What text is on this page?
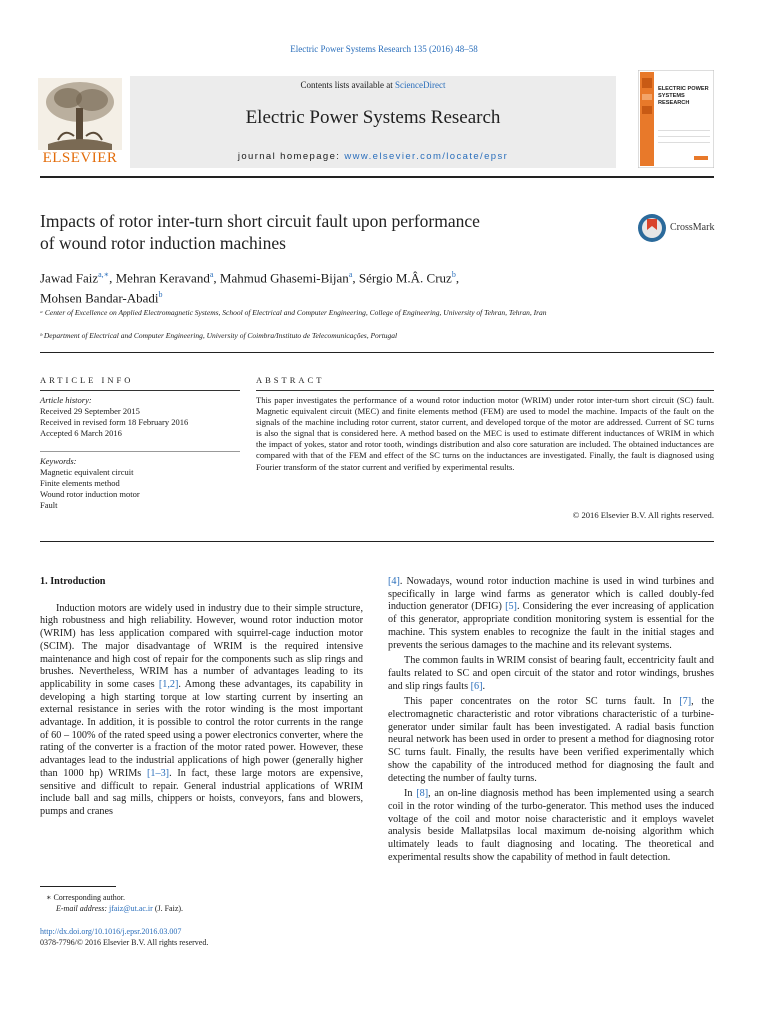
Electric Power Systems Research 135 (2016) 48–58
Contents lists available at ScienceDirect
Electric Power Systems Research
journal homepage: www.elsevier.com/locate/epsr
ELSEVIER
ELECTRIC POWER SYSTEMS RESEARCH
Impacts of rotor inter-turn short circuit fault upon performance
of wound rotor induction machines
CrossMark
Jawad Faiz$^{a,∗}$, Mehran Keravand$^a$, Mahmud Ghasemi-Bijan$^a$, Sérgio M.Â. Cruz$^b$,
Mohsen Bandar-Abadi$^b$
ᵃ Center of Excellence on Applied Electromagnetic Systems, School of Electrical and Computer Engineering, College of Engineering, University of Tehran, Tehran, Iran
ᵇ Department of Electrical and Computer Engineering, University of Coimbra/Instituto de Telecomunicações, Portugal
ARTICLE INFO	ABSTRACT
Article history:
Received 29 September 2015
Received in revised form 18 February 2016
Accepted 6 March 2016
Keywords:
Magnetic equivalent circuit
Finite elements method
Wound rotor induction motor
Fault
This paper investigates the performance of a wound rotor induction motor (WRIM) under rotor inter-turn short circuit (SC) fault. Magnetic equivalent circuit (MEC) and finite elements method (FEM) are used to model the machine. Impacts of the fault on the signals of the machine including rotor current, stator current, and developed torque of the motor are addressed. Current of SC turns is also the signal that is considered here. A method based on the MEC is used to estimate different inductances of WRIM in which the impact of yokes, stator and rotor tooth, windings distribution and also core saturation are included. The obtained inductances are compared with that of the FEM and effect of the SC turns on the inductances are investigated. Finally, the fault is diagnosed using Fourier transform of the stator current and verified by experimental results.
© 2016 Elsevier B.V. All rights reserved.
1. Introduction

Induction motors are widely used in industry due to their simple structure, high robustness and high reliability. However, wound rotor induction motor (WRIM) has less application compared with squirrel-cage induction motor (SCIM). The major disadvantage of WRIM is the required intensive maintenance and high cost of repair for the components such as slip rings and brushes. Nevertheless, WRIM has a number of advantages leading to its applicability in some cases [1,2]. Among these advantages, its capability in developing a high starting torque at low starting current by inserting an external resistance in series with the rotor winding is the most important advantage. In addition, it is possible to control the rotor currents in the range of 60 – 100% of the rated speed using a power electronics converter, where the rating of the converter is a fraction of the motor rated power. However, these advantages lead to the industrial applications of high power (generally higher than 1000 hp) WRIMs [1–3]. In fact, these large motors are expensive, sensitive and difficult to repair. General industrial applications of WRIM include ball and sag mills, chippers or hoists, conveyors, fans and blowers, pumps and cranes

[4]. Nowadays, wound rotor induction machine is used in wind turbines and specifically in large wind farms as generator which is called doubly-fed induction generator (DFIG) [5]. Considering the ever increasing of application of this generator, appropriate condition monitoring system is essential for the machine. This system enables to recognize the fault in the initial stages and prevents the serious damages to the machine and its relevant systems.

The common faults in WRIM consist of bearing fault, eccentricity fault and faults related to SC and open circuit of the stator and rotor windings, brushes and slip rings faults [6].

This paper concentrates on the rotor SC turns fault. In [7], the electromagnetic characteristic and rotor vibrations characteristic of a turbine-generator under similar fault has been investigated. A radial basis function neural network has been used in order to present a method for diagnosing rotor SC turns fault. Finally, the results have been verified experimentally which show the capability of the introduced method for diagnosing the fault and detecting the number of faulty turns.

In [8], an on-line diagnosis method has been implemented using a search coil in the rotor winding of the turbo-generator. This method uses the induced voltage of the coil and motor noise characteristic and it employs wavelet analysis beside Mallatpsilas local maximum de-noising algorithm which ultimately leads to fault diagnosing and locating. The theoretical and experimental results show the capability of method in fault detection.

∗ Corresponding author.
E-mail address: jfaiz@ut.ac.ir (J. Faiz).
http://dx.doi.org/10.1016/j.epsr.2016.03.007
0378-7796/© 2016 Elsevier B.V. All rights reserved.
